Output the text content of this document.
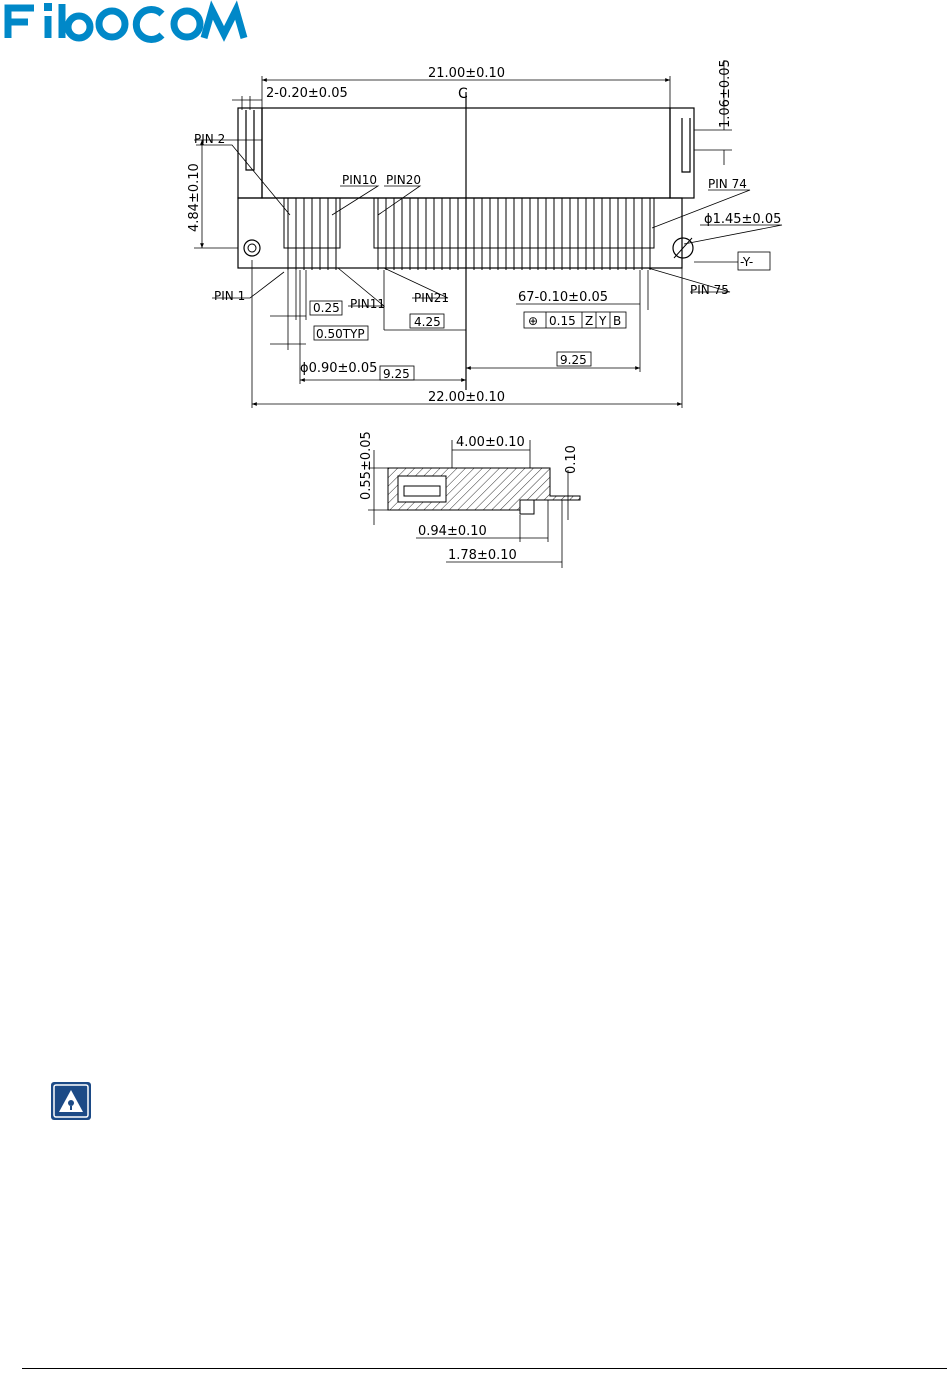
FIBOCOM
C
21.00±0.10
2-0.20±0.05	1.06±0.05
4.84±0.10
PIN 2
PIN10 PIN20	PIN 74
PIN 1
PIN11 PIN21
PIN 75
ϕ1.45±0.05
-Y-
67-0.10±0.05
⊕ 0.15 Z Y B
0.25
0.50TYP
4.25
ϕ0.90±0.05 9.25
9.25
22.00±0.10
0.55±0.05	4.00±0.10
0.10
0.94±0.10
1.78±0.10
